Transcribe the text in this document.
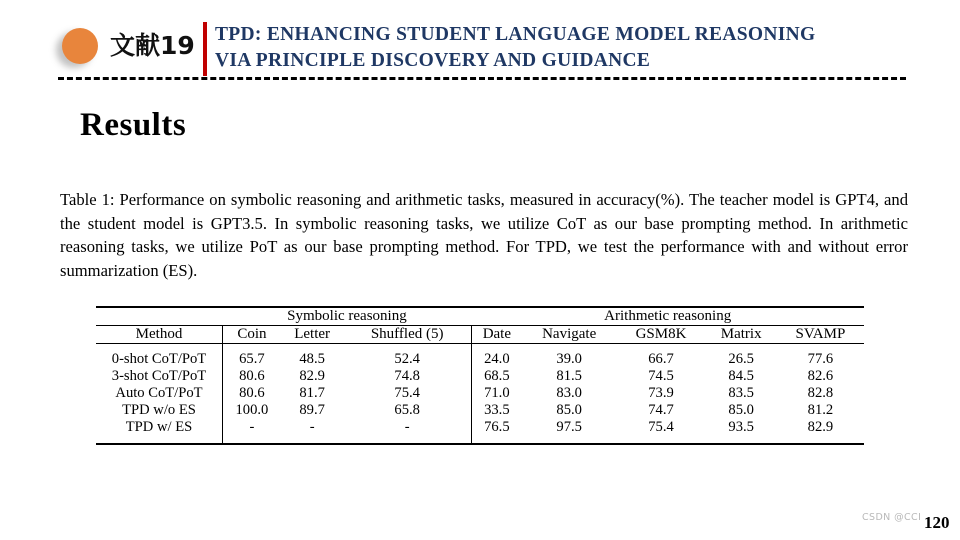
文献19 TPD: ENHANCING STUDENT LANGUAGE MODEL REASONING
VIA PRINCIPLE DISCOVERY AND GUIDANCE
Results
Table 1: Performance on symbolic reasoning and arithmetic tasks, measured in accuracy(%). The teacher model is GPT4, and the student model is GPT3.5. In symbolic reasoning tasks, we utilize CoT as our base prompting method. In arithmetic reasoning tasks, we utilize PoT as our base prompting method. For TPD, we test the performance with and without error summarization (ES).

	Symbolic reasoning			Arithmetic reasoning				

Method	Coin	Letter	Shuffled (5)	Date	Navigate	GSM8K	Matrix	SVAMP

0-shot CoT/PoT	65.7	48.5	52.4	24.0	39.0	66.7	26.5	77.6
3-shot CoT/PoT	80.6	82.9	74.8	68.5	81.5	74.5	84.5	82.6
Auto CoT/PoT	80.6	81.7	75.4	71.0	83.0	73.9	83.5	82.8
TPD w/o ES	100.0	89.7	65.8	33.5	85.0	74.7	85.0	81.2
TPD w/ ES	-	-	-	76.5	97.5	75.4	93.5	82.9

CSDN @CCI 120
